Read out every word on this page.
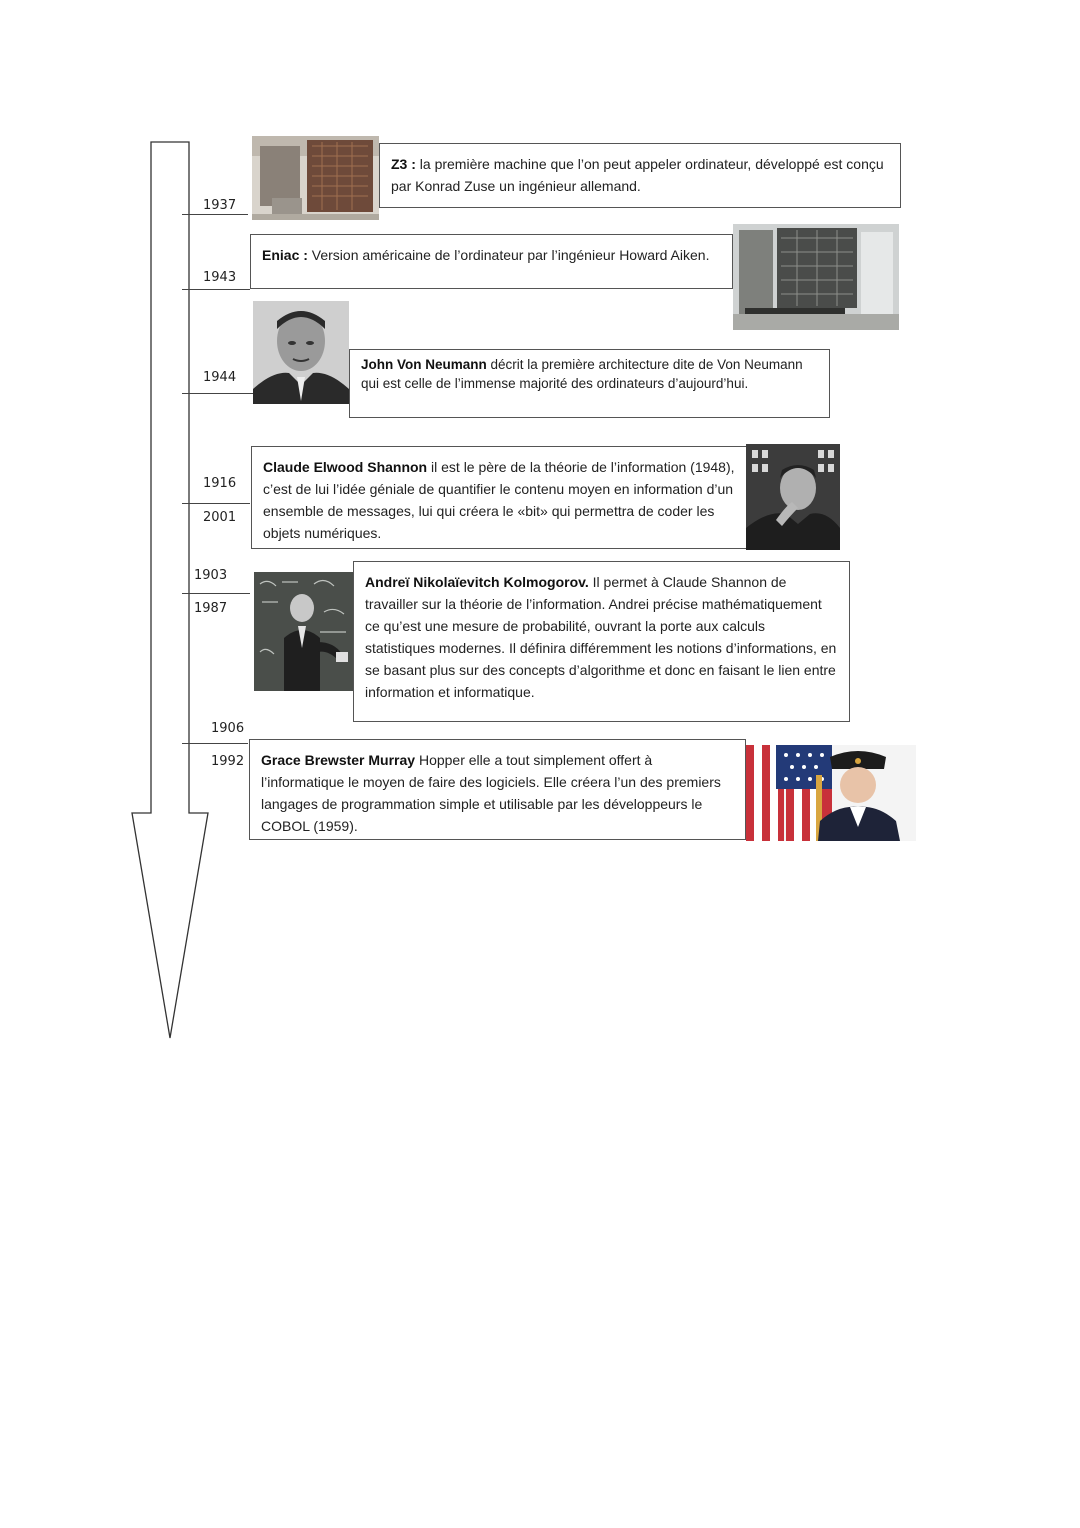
1937
1943
1944
1916
2001
1903
1987
1906
1992
Z3 : la première machine que l’on peut appeler ordinateur, développé est conçu par Konrad Zuse un ingénieur allemand.
Eniac : Version américaine de l’ordinateur par l’ingénieur Howard Aiken.
John Von Neumann décrit la première architecture dite de Von Neumann qui est celle de l’immense majorité des ordinateurs d’aujourd’hui.
Claude Elwood Shannon il est le père de la théorie de l’information (1948), c’est de lui l’idée géniale de quantifier le contenu moyen en information d’un ensemble de messages, lui qui créera le «bit» qui permettra de coder les objets numériques.
Andreï Nikolaïevitch Kolmogorov. Il permet à Claude Shannon de travailler sur la théorie de l’information. Andrei précise mathématiquement ce qu’est une mesure de probabilité, ouvrant la porte aux calculs statistiques modernes. Il définira différemment les notions d’informations, en se basant plus sur des concepts d’algorithme et donc en faisant le lien entre information et informatique.
Grace Brewster Murray Hopper elle a tout simplement offert à l’informatique le moyen de faire des logiciels. Elle créera l’un des premiers langages de programmation simple et utilisable par les développeurs le COBOL (1959).
